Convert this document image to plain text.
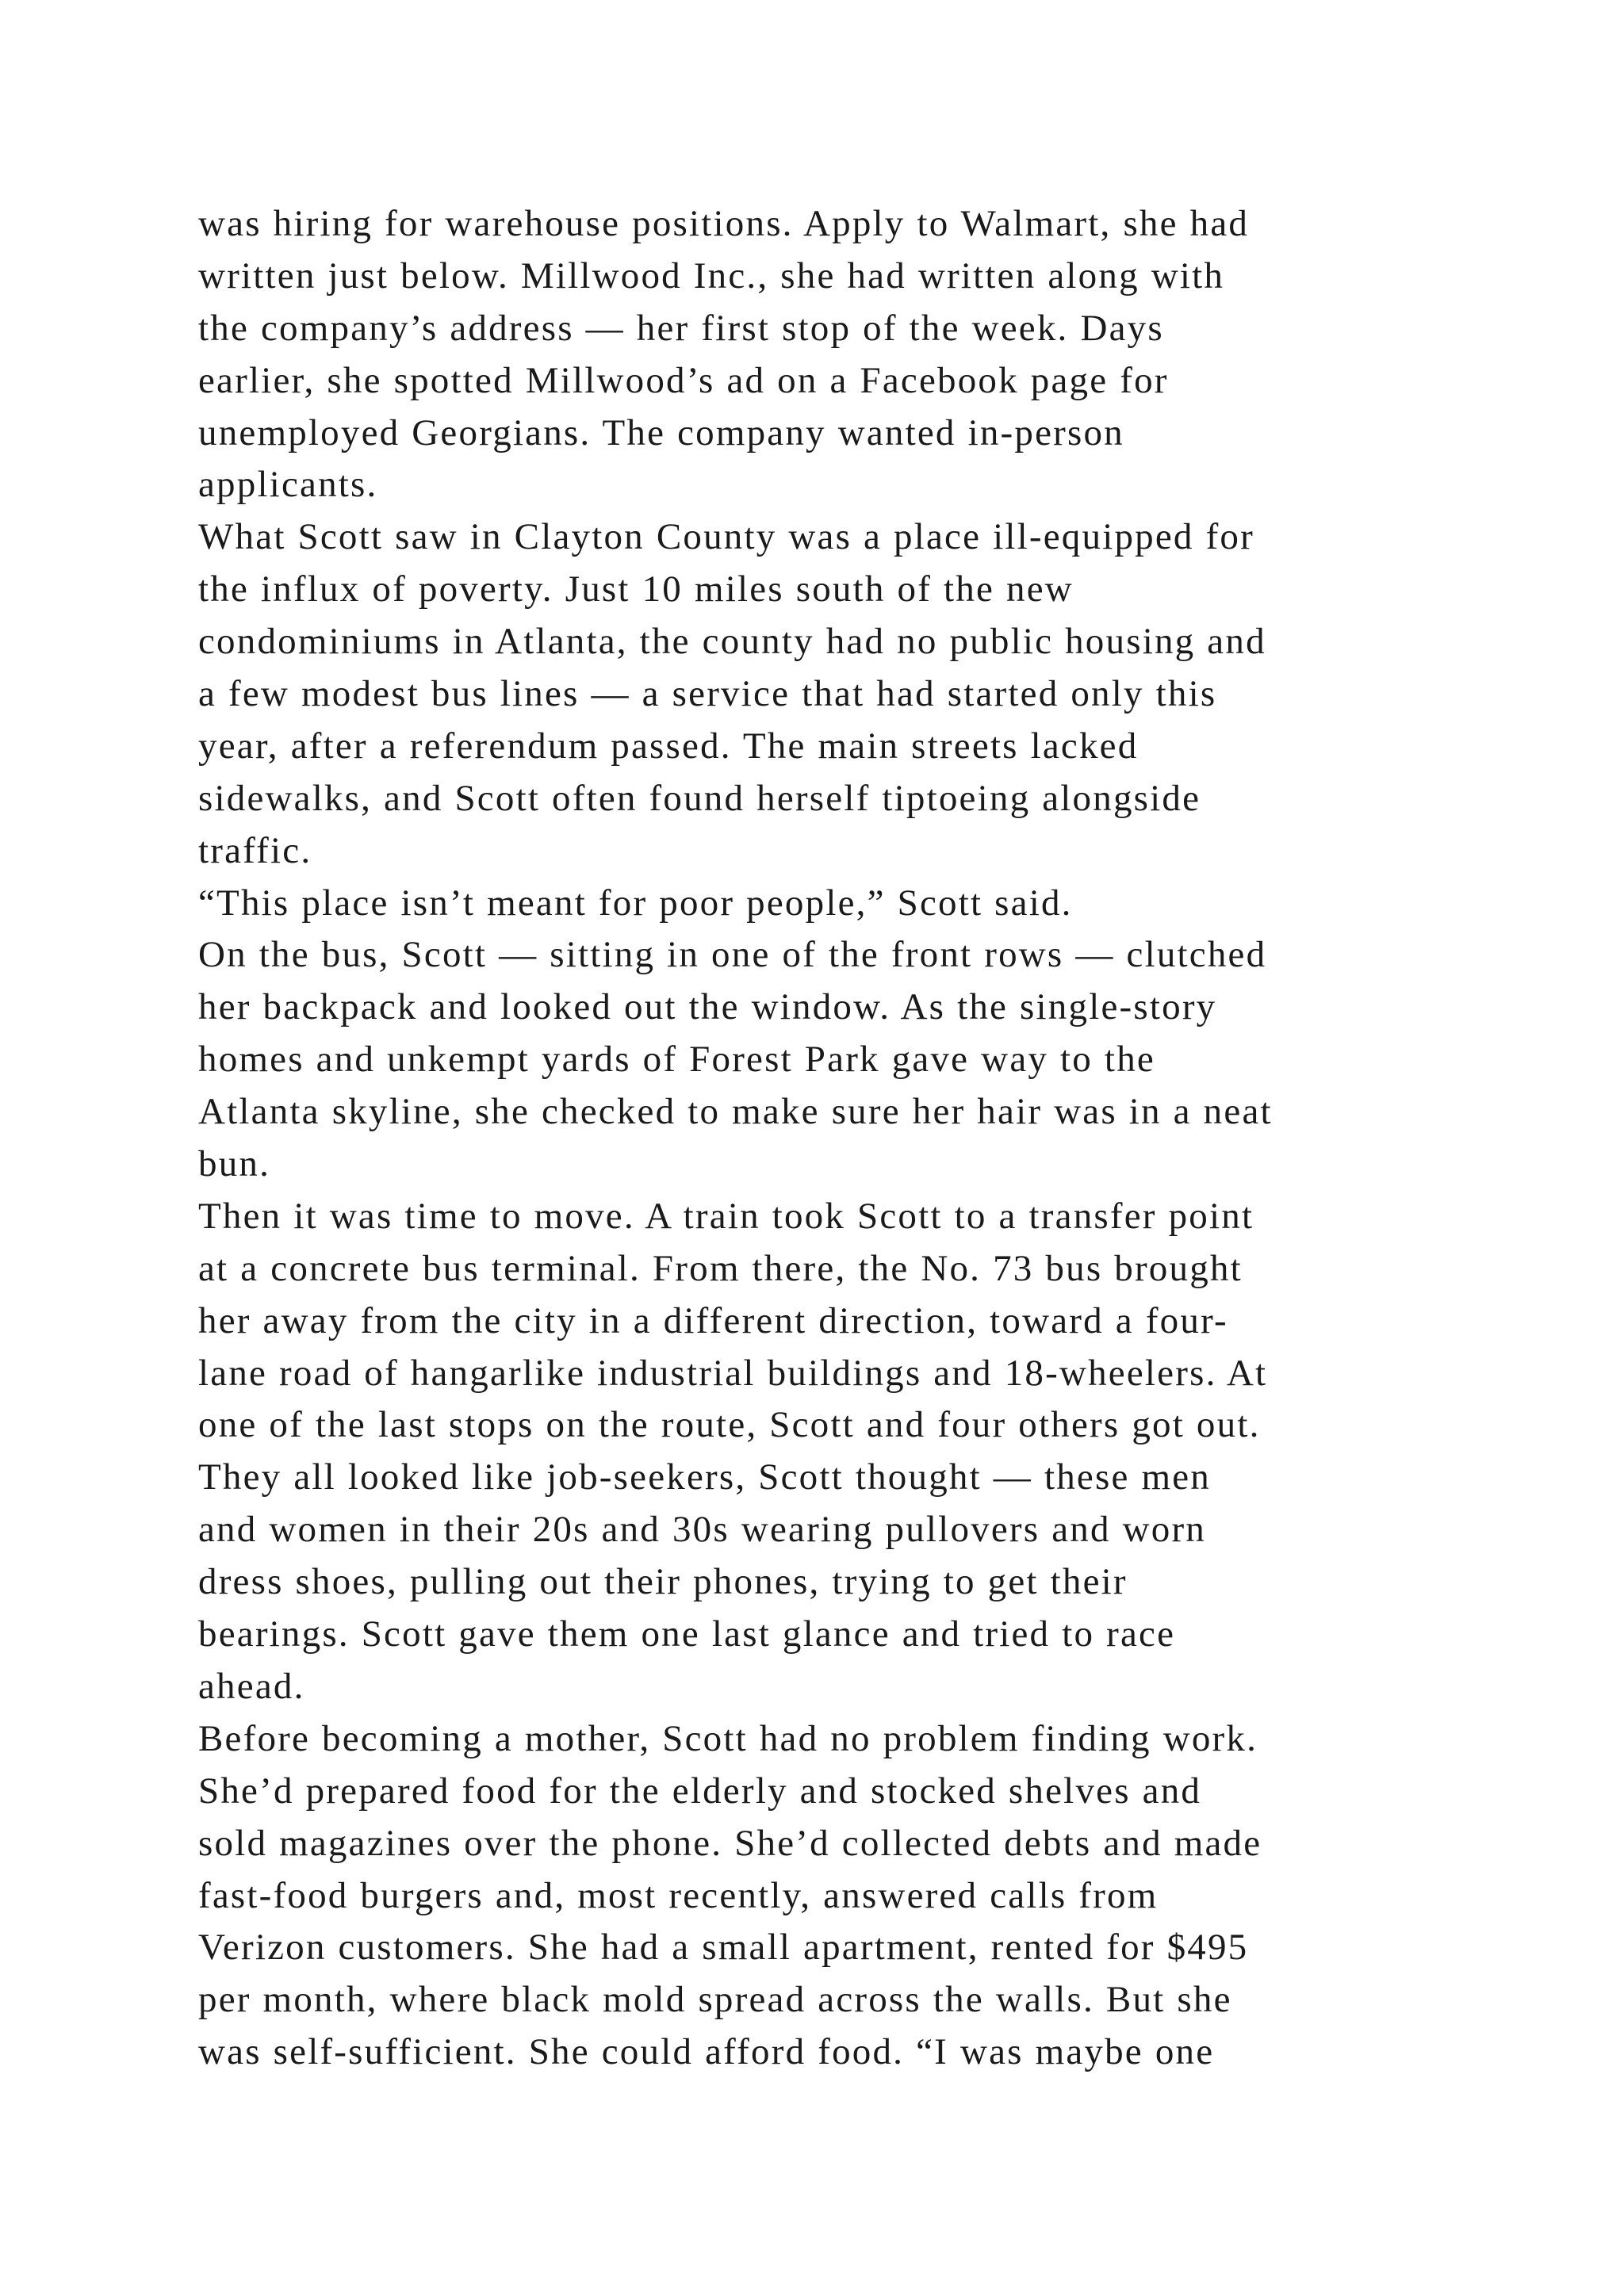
was hiring for warehouse positions. Apply to Walmart, she had
written just below. Millwood Inc., she had written along with
the company’s address — her first stop of the week. Days
earlier, she spotted Millwood’s ad on a Facebook page for
unemployed Georgians. The company wanted in-person
applicants.
What Scott saw in Clayton County was a place ill-equipped for
the influx of poverty. Just 10 miles south of the new
condominiums in Atlanta, the county had no public housing and
a few modest bus lines — a service that had started only this
year, after a referendum passed. The main streets lacked
sidewalks, and Scott often found herself tiptoeing alongside
traffic.
“This place isn’t meant for poor people,” Scott said.
On the bus, Scott — sitting in one of the front rows — clutched
her backpack and looked out the window. As the single-story
homes and unkempt yards of Forest Park gave way to the
Atlanta skyline, she checked to make sure her hair was in a neat
bun.
Then it was time to move. A train took Scott to a transfer point
at a concrete bus terminal. From there, the No. 73 bus brought
her away from the city in a different direction, toward a four-
lane road of hangarlike industrial buildings and 18-wheelers. At
one of the last stops on the route, Scott and four others got out.
They all looked like job-seekers, Scott thought — these men
and women in their 20s and 30s wearing pullovers and worn
dress shoes, pulling out their phones, trying to get their
bearings. Scott gave them one last glance and tried to race
ahead.
Before becoming a mother, Scott had no problem finding work.
She’d prepared food for the elderly and stocked shelves and
sold magazines over the phone. She’d collected debts and made
fast-food burgers and, most recently, answered calls from
Verizon customers. She had a small apartment, rented for $495
per month, where black mold spread across the walls. But she
was self-sufficient. She could afford food. “I was maybe one
